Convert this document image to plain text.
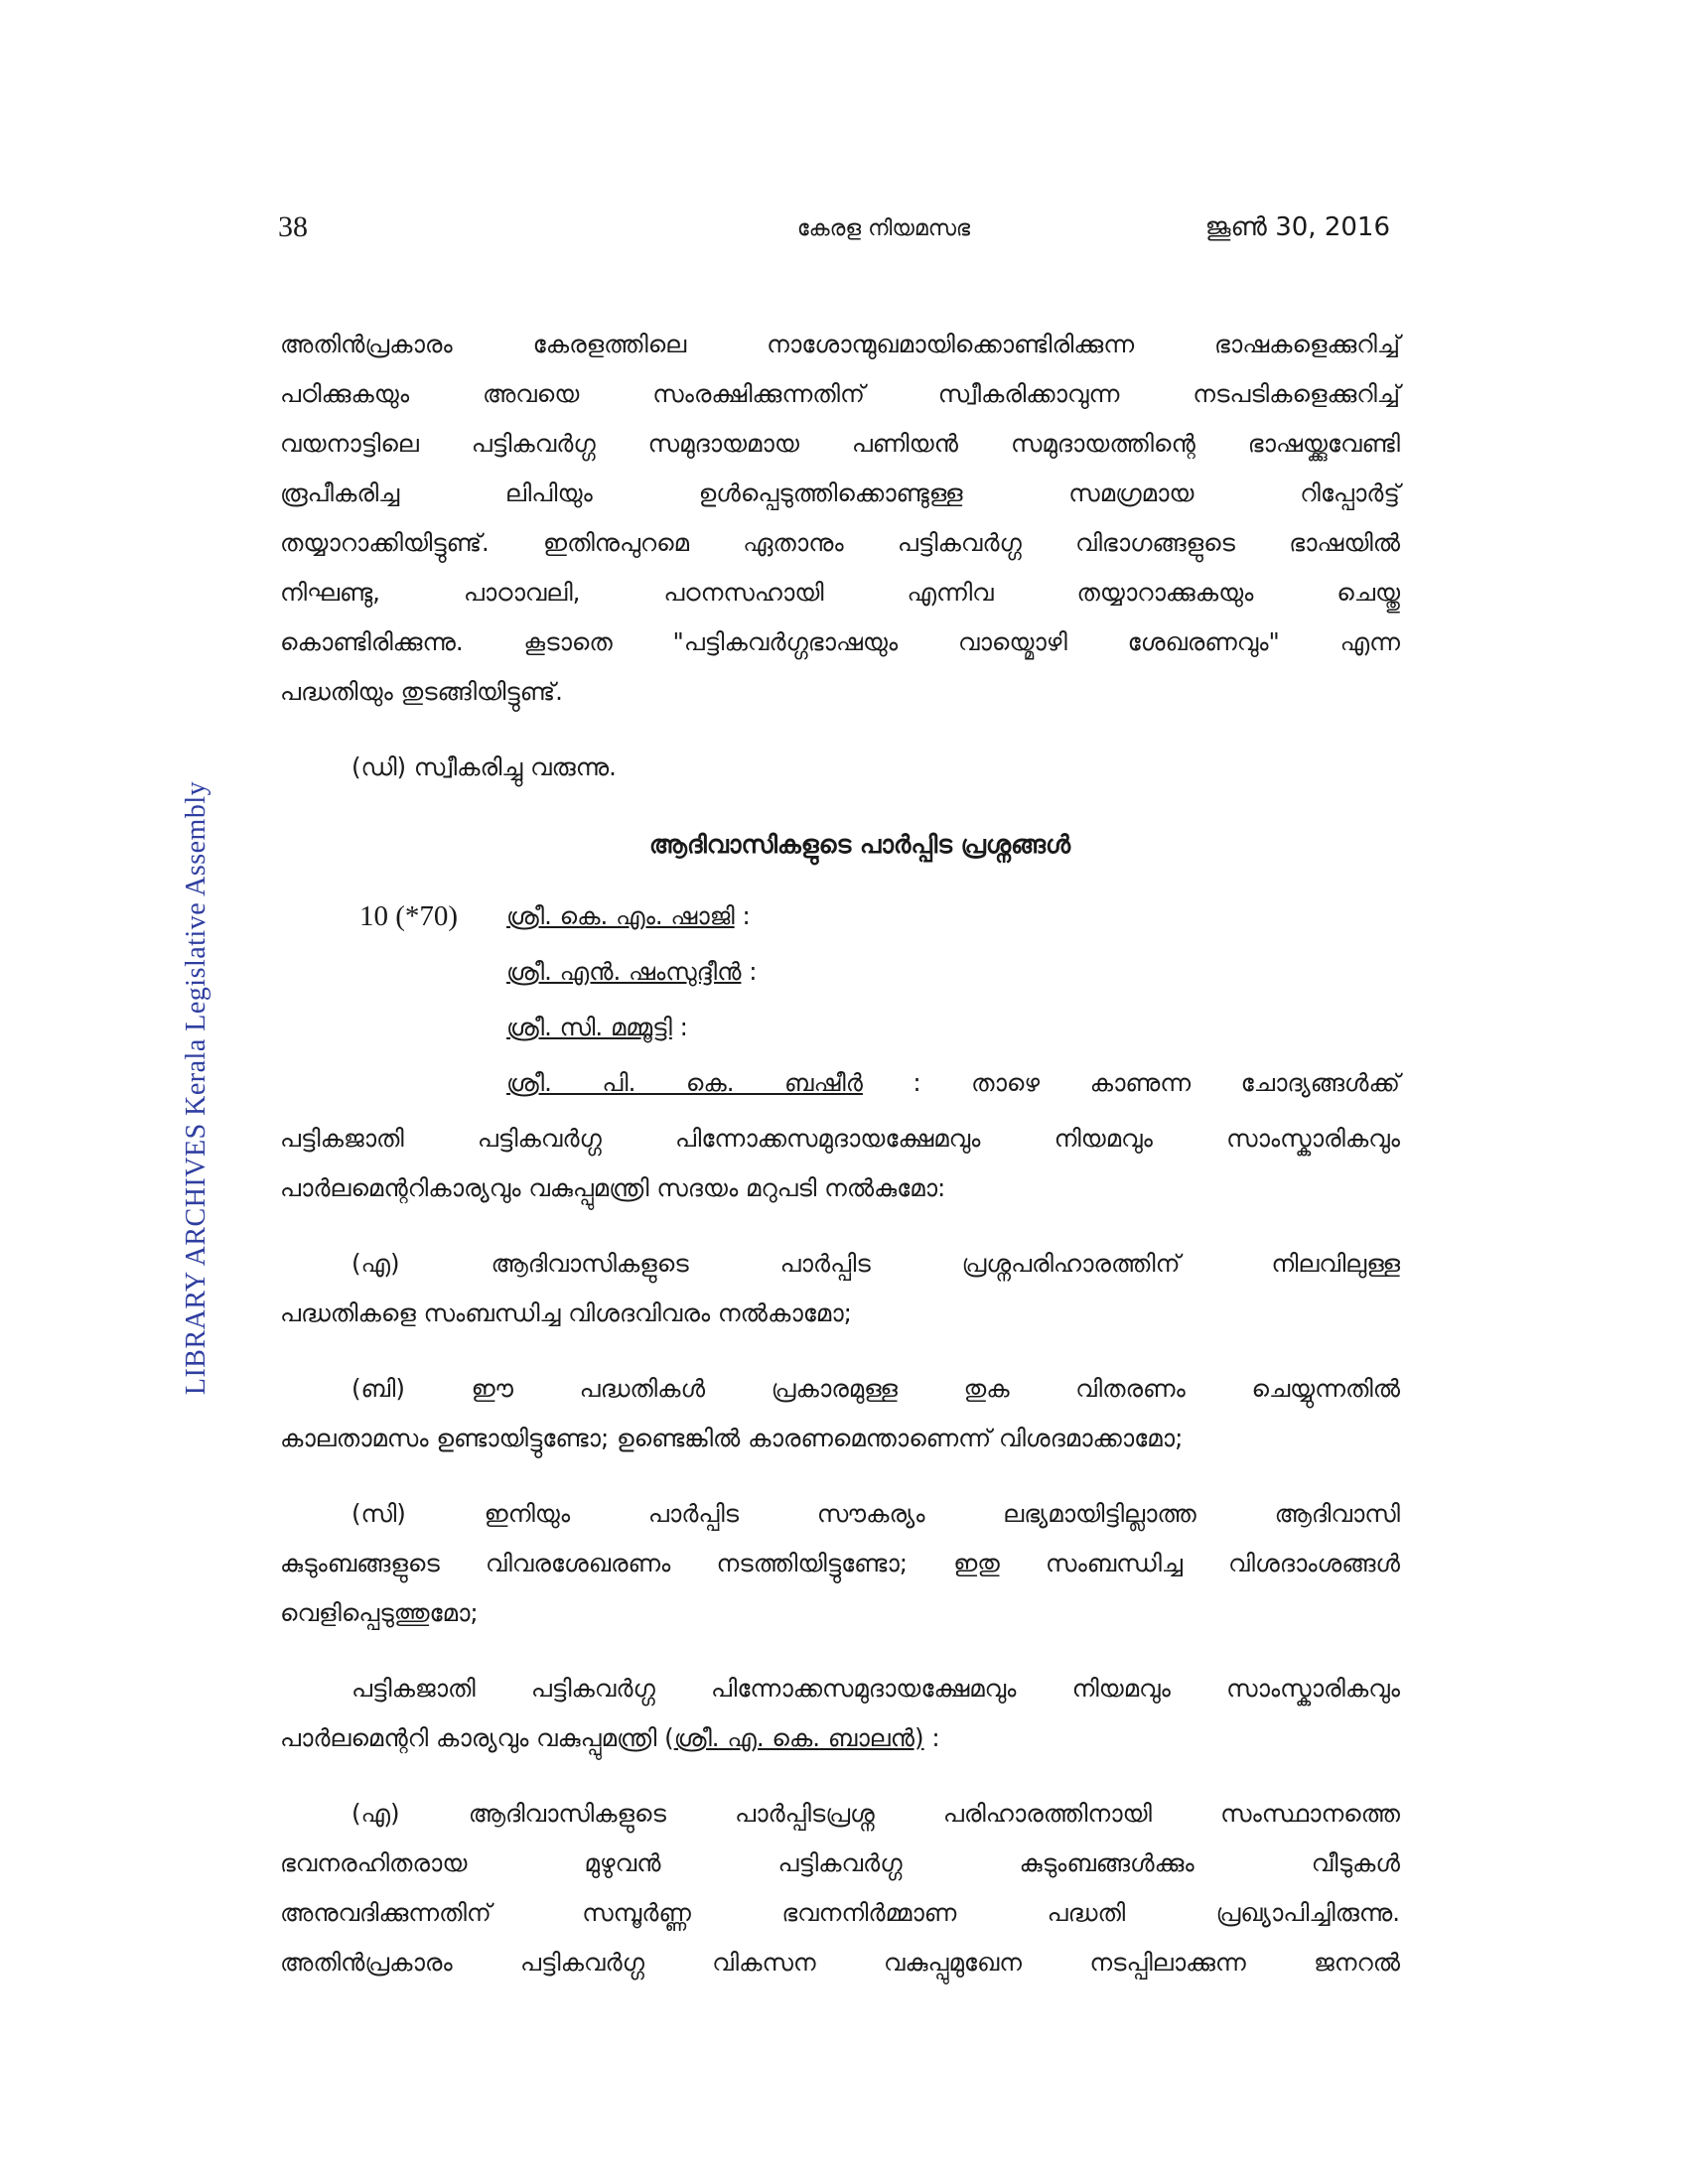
38	കേരള നിയമസഭ	ജൂൺ 30, 2016
LIBRARY ARCHIVES Kerala Legislative Assembly

അതിൻപ്രകാരം കേരളത്തിലെ നാശോന്മുഖമായിക്കൊണ്ടിരിക്കുന്ന ഭാഷകളെക്കുറിച്ച്

പഠിക്കുകയും അവയെ സംരക്ഷിക്കുന്നതിന് സ്വീകരിക്കാവുന്ന നടപടികളെക്കുറിച്ച്

വയനാട്ടിലെ പട്ടികവർഗ്ഗ സമുദായമായ പണിയൻ സമുദായത്തിന്റെ ഭാഷയ്ക്കുവേണ്ടി

രൂപീകരിച്ച ലിപിയും ഉൾപ്പെടുത്തിക്കൊണ്ടുള്ള സമഗ്രമായ റിപ്പോർട്ട്

തയ്യാറാക്കിയിട്ടുണ്ട്. ഇതിനുപുറമെ ഏതാനും പട്ടികവർഗ്ഗ വിഭാഗങ്ങളുടെ ഭാഷയിൽ

നിഘണ്ടു, പാഠാവലി, പഠനസഹായി എന്നിവ തയ്യാറാക്കുകയും ചെയ്തു

കൊണ്ടിരിക്കുന്നു. കൂടാതെ "പട്ടികവർഗ്ഗഭാഷയും വായ്മൊഴി ശേഖരണവും" എന്ന

പദ്ധതിയും തുടങ്ങിയിട്ടുണ്ട്.

(ഡി) സ്വീകരിച്ചു വരുന്നു.

ആദിവാസികളുടെ പാർപ്പിട പ്രശ്നങ്ങൾ
10 (*70) ശ്രീ. കെ. എം. ഷാജി :
ശ്രീ. എൻ. ഷംസുദ്ദീൻ :
ശ്രീ. സി. മമ്മൂട്ടി :
ശ്രീ. പി. കെ. ബഷീർ : താഴെ കാണുന്ന ചോദ്യങ്ങൾക്ക്

പട്ടികജാതി പട്ടികവർഗ്ഗ പിന്നോക്കസമുദായക്ഷേമവും നിയമവും സാംസ്കാരികവും

പാർലമെന്ററികാര്യവും വകുപ്പുമന്ത്രി സദയം മറുപടി നൽകുമോ:

(എ) ആദിവാസികളുടെ പാർപ്പിട പ്രശ്നപരിഹാരത്തിന് നിലവിലുള്ള

പദ്ധതികളെ സംബന്ധിച്ച വിശദവിവരം നൽകാമോ;

(ബി) ഈ പദ്ധതികൾ പ്രകാരമുള്ള തുക വിതരണം ചെയ്യുന്നതിൽ

കാലതാമസം ഉണ്ടായിട്ടുണ്ടോ; ഉണ്ടെങ്കിൽ കാരണമെന്താണെന്ന് വിശദമാക്കാമോ;

(സി) ഇനിയും പാർപ്പിട സൗകര്യം ലഭ്യമായിട്ടില്ലാത്ത ആദിവാസി

കുടുംബങ്ങളുടെ വിവരശേഖരണം നടത്തിയിട്ടുണ്ടോ; ഇതു സംബന്ധിച്ച വിശദാംശങ്ങൾ

വെളിപ്പെടുത്തുമോ;

പട്ടികജാതി പട്ടികവർഗ്ഗ പിന്നോക്കസമുദായക്ഷേമവും നിയമവും സാംസ്കാരികവും

പാർലമെന്ററി കാര്യവും വകുപ്പുമന്ത്രി (ശ്രീ. എ. കെ. ബാലൻ) :

(എ) ആദിവാസികളുടെ പാർപ്പിടപ്രശ്ന പരിഹാരത്തിനായി സംസ്ഥാനത്തെ

ഭവനരഹിതരായ മുഴുവൻ പട്ടികവർഗ്ഗ കുടുംബങ്ങൾക്കും വീടുകൾ

അനുവദിക്കുന്നതിന് സമ്പൂർണ്ണ ഭവനനിർമ്മാണ പദ്ധതി പ്രഖ്യാപിച്ചിരുന്നു.

അതിൻപ്രകാരം പട്ടികവർഗ്ഗ വികസന വകുപ്പുമുഖേന നടപ്പിലാക്കുന്ന ജനറൽ
